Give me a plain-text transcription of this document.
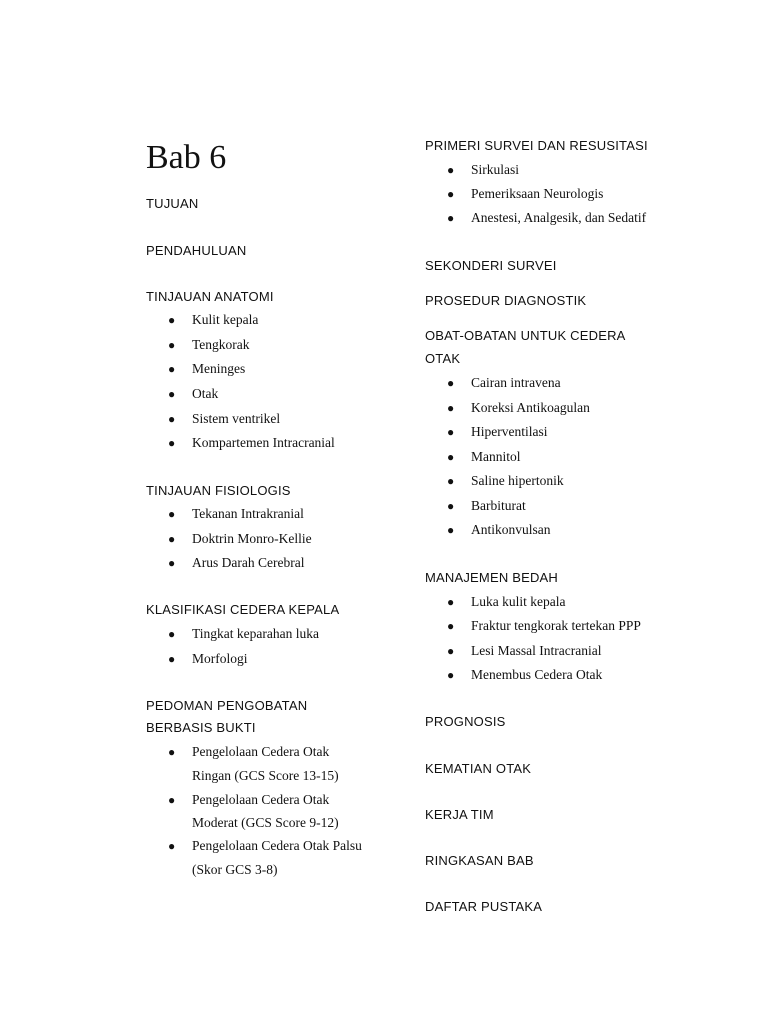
Bab 6
TUJUAN
PENDAHULUAN
TINJAUAN ANATOMI
● Kulit kepala
● Tengkorak
● Meninges
● Otak
● Sistem ventrikel
● Kompartemen Intracranial
TINJAUAN FISIOLOGIS
● Tekanan Intrakranial
● Doktrin Monro-Kellie
● Arus Darah Cerebral
KLASIFIKASI CEDERA KEPALA
● Tingkat keparahan luka
● Morfologi
PEDOMAN PENGOBATAN
BERBASIS BUKTI
● Pengelolaan Cedera Otak
Ringan (GCS Score 13-15)
● Pengelolaan Cedera Otak
Moderat (GCS Score 9-12)
● Pengelolaan Cedera Otak Palsu
(Skor GCS 3-8)
PRIMERI SURVEI DAN RESUSITASI
● Sirkulasi
● Pemeriksaan Neurologis
● Anestesi, Analgesik, dan Sedatif
SEKONDERI SURVEI
PROSEDUR DIAGNOSTIK
OBAT-OBATAN UNTUK CEDERA
OTAK
● Cairan intravena
● Koreksi Antikoagulan
● Hiperventilasi
● Mannitol
● Saline hipertonik
● Barbiturat
● Antikonvulsan
MANAJEMEN BEDAH
● Luka kulit kepala
● Fraktur tengkorak tertekan PPP
● Lesi Massal Intracranial
● Menembus Cedera Otak
PROGNOSIS
KEMATIAN OTAK
KERJA TIM
RINGKASAN BAB
DAFTAR PUSTAKA
